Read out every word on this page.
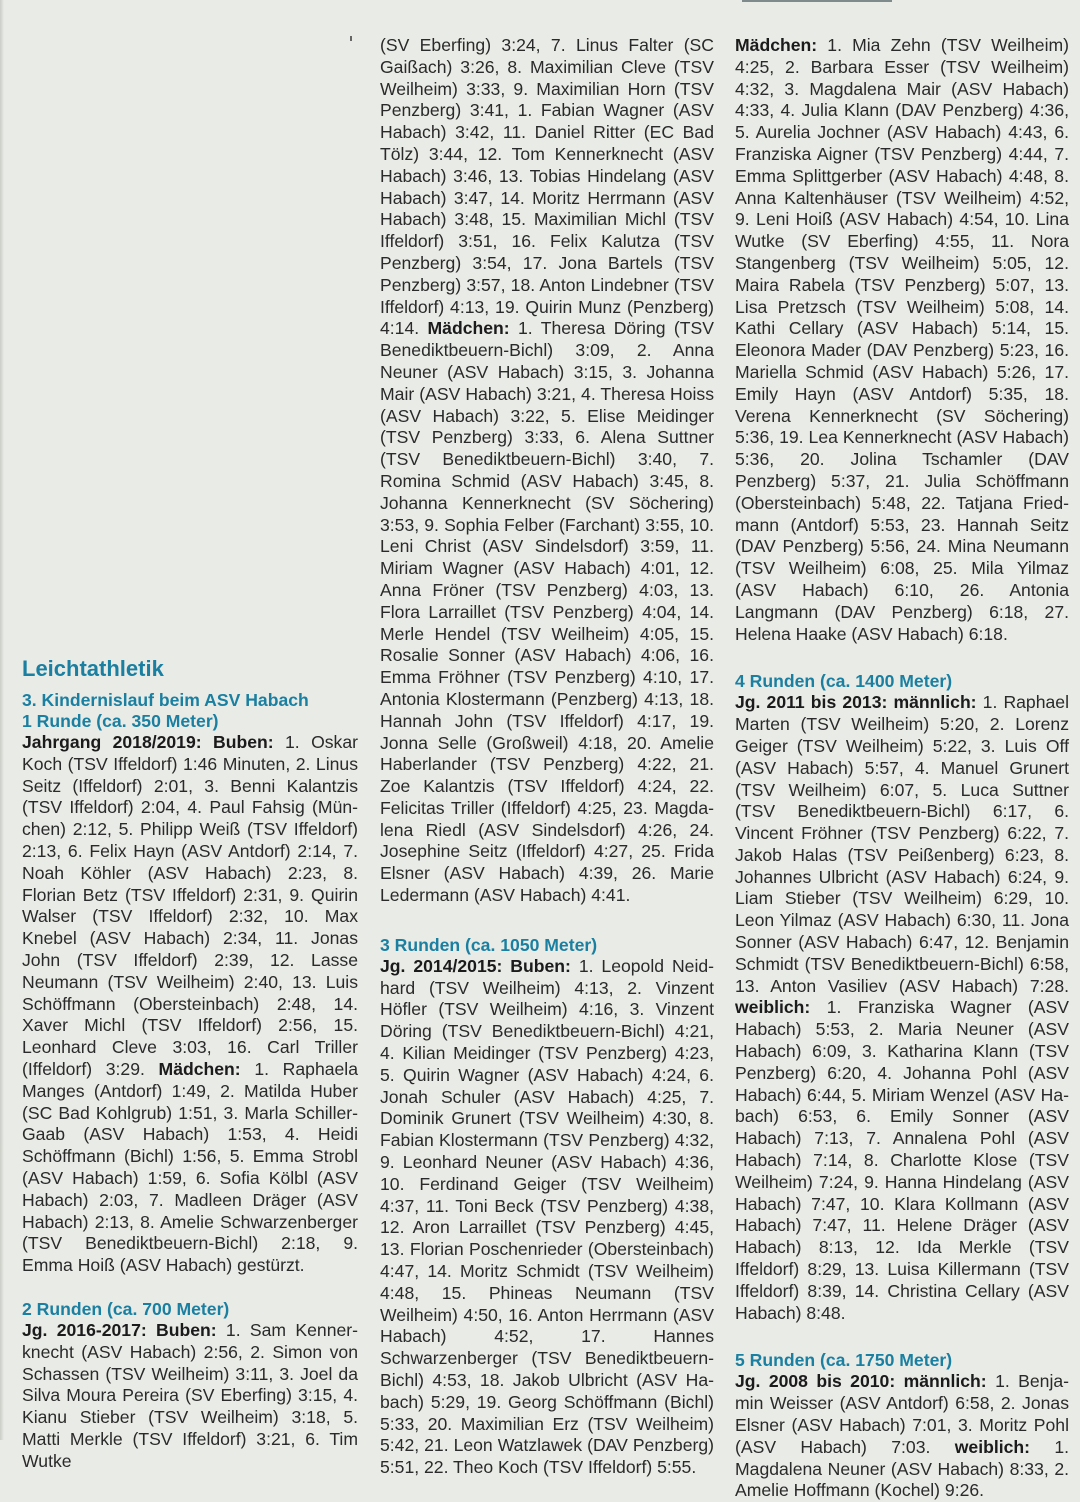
Leichtathletik

3. Kindernislauf beim ASV Habach

1 Runde (ca. 350 Meter)

Jahrgang 2018/2019: Buben: 1. Oskar Koch (TSV Iffeldorf) 1:46 Minuten, 2. Linus Seitz (Iffeldorf) 2:01, 3. Benni Kalantzis (TSV Iffeldorf) 2:04, 4. Paul Fahsig (München) 2:12, 5. Philipp Weiß (TSV Iffeldorf) 2:13, 6. Felix Hayn (ASV Antdorf) 2:14, 7. Noah Köhler (ASV Habach) 2:23, 8. Florian Betz (TSV Iffeldorf) 2:31, 9. Quirin Walser (TSV Iffeldorf) 2:32, 10. Max Knebel (ASV Habach) 2:34, 11. Jonas John (TSV Iffeldorf) 2:39, 12. Lasse Neumann (TSV Weilheim) 2:40, 13. Luis Schöffmann (Obersteinbach) 2:48, 14. Xaver Michl (TSV Iffeldorf) 2:56, 15. Leonhard Cleve 3:03, 16. Carl Triller (Iffeldorf) 3:29. Mädchen: 1. Raphaela Manges (Antdorf) 1:49, 2. Matilda Huber (SC Bad Kohlgrub) 1:51, 3. Marla Schiller-Gaab (ASV Habach) 1:53, 4. Heidi Schöffmann (Bichl) 1:56, 5. Emma Strobl (ASV Habach) 1:59, 6. Sofia Kölbl (ASV Habach) 2:03, 7. Madleen Dräger (ASV Habach) 2:13, 8. Amelie Schwarzenberger (TSV Benediktbeuern-Bichl) 2:18, 9. Emma Hoiß (ASV Habach) gestürzt.

2 Runden (ca. 700 Meter)

Jg. 2016-2017: Buben: 1. Sam Kennerknecht (ASV Habach) 2:56, 2. Simon von Schassen (TSV Weilheim) 3:11, 3. Joel da Silva Moura Pereira (SV Eberfing) 3:15, 4. Kianu Stieber (TSV Weilheim) 3:18, 5. Matti Merkle (TSV Iffeldorf) 3:21, 6. Tim Wutke

(SV Eberfing) 3:24, 7. Linus Falter (SC Gaißach) 3:26, 8. Maximilian Cleve (TSV Weilheim) 3:33, 9. Maximilian Horn (TSV Penzberg) 3:41, 1. Fabian Wagner (ASV Habach) 3:42, 11. Daniel Ritter (EC Bad Tölz) 3:44, 12. Tom Kennerknecht (ASV Habach) 3:46, 13. Tobias Hindelang (ASV Habach) 3:47, 14. Moritz Herrmann (ASV Habach) 3:48, 15. Maximilian Michl (TSV Iffeldorf) 3:51, 16. Felix Kalutza (TSV Penzberg) 3:54, 17. Jona Bartels (TSV Penzberg) 3:57, 18. Anton Lindebner (TSV Iffeldorf) 4:13, 19. Quirin Munz (Penzberg) 4:14. Mädchen: 1. Theresa Döring (TSV Benediktbeuern-Bichl) 3:09, 2. Anna Neuner (ASV Habach) 3:15, 3. Johanna Mair (ASV Habach) 3:21, 4. Theresa Hoiss (ASV Habach) 3:22, 5. Elise Meidinger (TSV Penzberg) 3:33, 6. Alena Suttner (TSV Benediktbeuern-Bichl) 3:40, 7. Romina Schmid (ASV Habach) 3:45, 8. Johanna Kennerknecht (SV Söchering) 3:53, 9. Sophia Felber (Farchant) 3:55, 10. Leni Christ (ASV Sindelsdorf) 3:59, 11. Miriam Wagner (ASV Habach) 4:01, 12. Anna Fröner (TSV Penzberg) 4:03, 13. Flora Larraillet (TSV Penzberg) 4:04, 14. Merle Hendel (TSV Weilheim) 4:05, 15. Rosalie Sonner (ASV Habach) 4:06, 16. Emma Fröhner (TSV Penzberg) 4:10, 17. Antonia Klostermann (Penzberg) 4:13, 18. Hannah John (TSV Iffeldorf) 4:17, 19. Jonna Selle (Großweil) 4:18, 20. Amelie Haberlander (TSV Penzberg) 4:22, 21. Zoe Kalantzis (TSV Iffeldorf) 4:24, 22. Felicitas Triller (Iffeldorf) 4:25, 23. Magdalena Riedl (ASV Sindelsdorf) 4:26, 24. Josephine Seitz (Iffeldorf) 4:27, 25. Frida Elsner (ASV Habach) 4:39, 26. Marie Ledermann (ASV Habach) 4:41.

3 Runden (ca. 1050 Meter)

Jg. 2014/2015: Buben: 1. Leopold Neidhard (TSV Weilheim) 4:13, 2. Vinzent Höfler (TSV Weilheim) 4:16, 3. Vinzent Döring (TSV Benediktbeuern-Bichl) 4:21, 4. Kilian Meidinger (TSV Penzberg) 4:23, 5. Quirin Wagner (ASV Habach) 4:24, 6. Jonah Schuler (ASV Habach) 4:25, 7. Dominik Grunert (TSV Weilheim) 4:30, 8. Fabian Klostermann (TSV Penzberg) 4:32, 9. Leonhard Neuner (ASV Habach) 4:36, 10. Ferdinand Geiger (TSV Weilheim) 4:37, 11. Toni Beck (TSV Penzberg) 4:38, 12. Aron Larraillet (TSV Penzberg) 4:45, 13. Florian Poschenrieder (Obersteinbach) 4:47, 14. Moritz Schmidt (TSV Weilheim) 4:48, 15. Phineas Neumann (TSV Weilheim) 4:50, 16. Anton Herrmann (ASV Habach) 4:52, 17. Hannes Schwarzenberger (TSV Benediktbeuern-Bichl) 4:53, 18. Jakob Ulbricht (ASV Habach) 5:29, 19. Georg Schöffmann (Bichl) 5:33, 20. Maximilian Erz (TSV Weilheim) 5:42, 21. Leon Watzlawek (DAV Penzberg) 5:51, 22. Theo Koch (TSV Iffeldorf) 5:55.

Mädchen: 1. Mia Zehn (TSV Weilheim) 4:25, 2. Barbara Esser (TSV Weilheim) 4:32, 3. Magdalena Mair (ASV Habach) 4:33, 4. Julia Klann (DAV Penzberg) 4:36, 5. Aurelia Jochner (ASV Habach) 4:43, 6. Franziska Aigner (TSV Penzberg) 4:44, 7. Emma Splittgerber (ASV Habach) 4:48, 8. Anna Kaltenhäuser (TSV Weilheim) 4:52, 9. Leni Hoiß (ASV Habach) 4:54, 10. Lina Wutke (SV Eberfing) 4:55, 11. Nora Stangenberg (TSV Weilheim) 5:05, 12. Maira Rabela (TSV Penzberg) 5:07, 13. Lisa Pretzsch (TSV Weilheim) 5:08, 14. Kathi Cellary (ASV Habach) 5:14, 15. Eleonora Mader (DAV Penzberg) 5:23, 16. Mariella Schmid (ASV Habach) 5:26, 17. Emily Hayn (ASV Antdorf) 5:35, 18. Verena Kennerknecht (SV Söchering) 5:36, 19. Lea Kennerknecht (ASV Habach) 5:36, 20. Jolina Tschamler (DAV Penzberg) 5:37, 21. Julia Schöffmann (Obersteinbach) 5:48, 22. Tatjana Friedmann (Antdorf) 5:53, 23. Hannah Seitz (DAV Penzberg) 5:56, 24. Mina Neumann (TSV Weilheim) 6:08, 25. Mila Yilmaz (ASV Habach) 6:10, 26. Antonia Langmann (DAV Penzberg) 6:18, 27. Helena Haake (ASV Habach) 6:18.

4 Runden (ca. 1400 Meter)

Jg. 2011 bis 2013: männlich: 1. Raphael Marten (TSV Weilheim) 5:20, 2. Lorenz Geiger (TSV Weilheim) 5:22, 3. Luis Off (ASV Habach) 5:57, 4. Manuel Grunert (TSV Weilheim) 6:07, 5. Luca Suttner (TSV Benediktbeuern-Bichl) 6:17, 6. Vincent Fröhner (TSV Penzberg) 6:22, 7. Jakob Halas (TSV Peißenberg) 6:23, 8. Johannes Ulbricht (ASV Habach) 6:24, 9. Liam Stieber (TSV Weilheim) 6:29, 10. Leon Yilmaz (ASV Habach) 6:30, 11. Jona Sonner (ASV Habach) 6:47, 12. Benjamin Schmidt (TSV Benediktbeuern-Bichl) 6:58, 13. Anton Vasiliev (ASV Habach) 7:28. weiblich: 1. Franziska Wagner (ASV Habach) 5:53, 2. Maria Neuner (ASV Habach) 6:09, 3. Katharina Klann (TSV Penzberg) 6:20, 4. Johanna Pohl (ASV Habach) 6:44, 5. Miriam Wenzel (ASV Habach) 6:53, 6. Emily Sonner (ASV Habach) 7:13, 7. Annalena Pohl (ASV Habach) 7:14, 8. Charlotte Klose (TSV Weilheim) 7:24, 9. Hanna Hindelang (ASV Habach) 7:47, 10. Klara Kollmann (ASV Habach) 7:47, 11. Helene Dräger (ASV Habach) 8:13, 12. Ida Merkle (TSV Iffeldorf) 8:29, 13. Luisa Killermann (TSV Iffeldorf) 8:39, 14. Christina Cellary (ASV Habach) 8:48.

5 Runden (ca. 1750 Meter)

Jg. 2008 bis 2010: männlich: 1. Benjamin Weisser (ASV Antdorf) 6:58, 2. Jonas Elsner (ASV Habach) 7:01, 3. Moritz Pohl (ASV Habach) 7:03. weiblich: 1. Magdalena Neuner (ASV Habach) 8:33, 2. Amelie Hoffmann (Kochel) 9:26.
